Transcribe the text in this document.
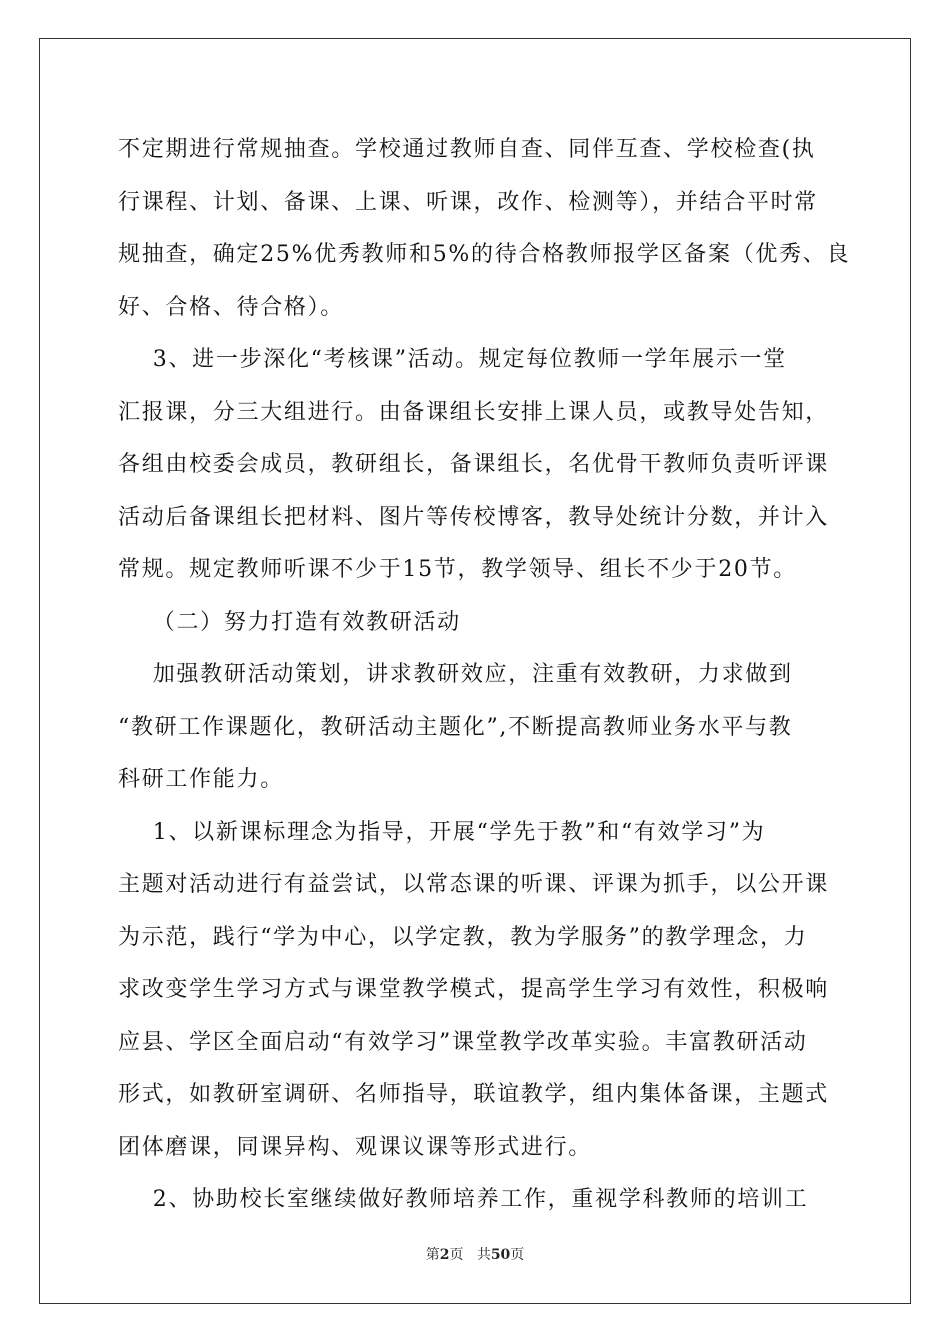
不定期进行常规抽查。学校通过教师自查、同伴互查、学校检查(执
行课程、计划、备课、上课、听课，改作、检测等），并结合平时常
规抽查，确定25%优秀教师和5%的待合格教师报学区备案（优秀、良
好、合格、待合格）。
3、进一步深化“考核课”活动。规定每位教师一学年展示一堂
汇报课，分三大组进行。由备课组长安排上课人员，或教导处告知，
各组由校委会成员，教研组长，备课组长，名优骨干教师负责听评课
活动后备课组长把材料、图片等传校博客，教导处统计分数，并计入
常规。规定教师听课不少于15节，教学领导、组长不少于20节。
（二）努力打造有效教研活动
加强教研活动策划，讲求教研效应，注重有效教研，力求做到
“教研工作课题化，教研活动主题化”,不断提高教师业务水平与教
科研工作能力。
1、以新课标理念为指导，开展“学先于教”和“有效学习”为
主题对活动进行有益尝试，以常态课的听课、评课为抓手，以公开课
为示范，践行“学为中心，以学定教，教为学服务”的教学理念，力
求改变学生学习方式与课堂教学模式，提高学生学习有效性，积极响
应县、学区全面启动“有效学习”课堂教学改革实验。丰富教研活动
形式，如教研室调研、名师指导，联谊教学，组内集体备课，主题式
团体磨课，同课异构、观课议课等形式进行。
2、协助校长室继续做好教师培养工作，重视学科教师的培训工
第2页 共50页
